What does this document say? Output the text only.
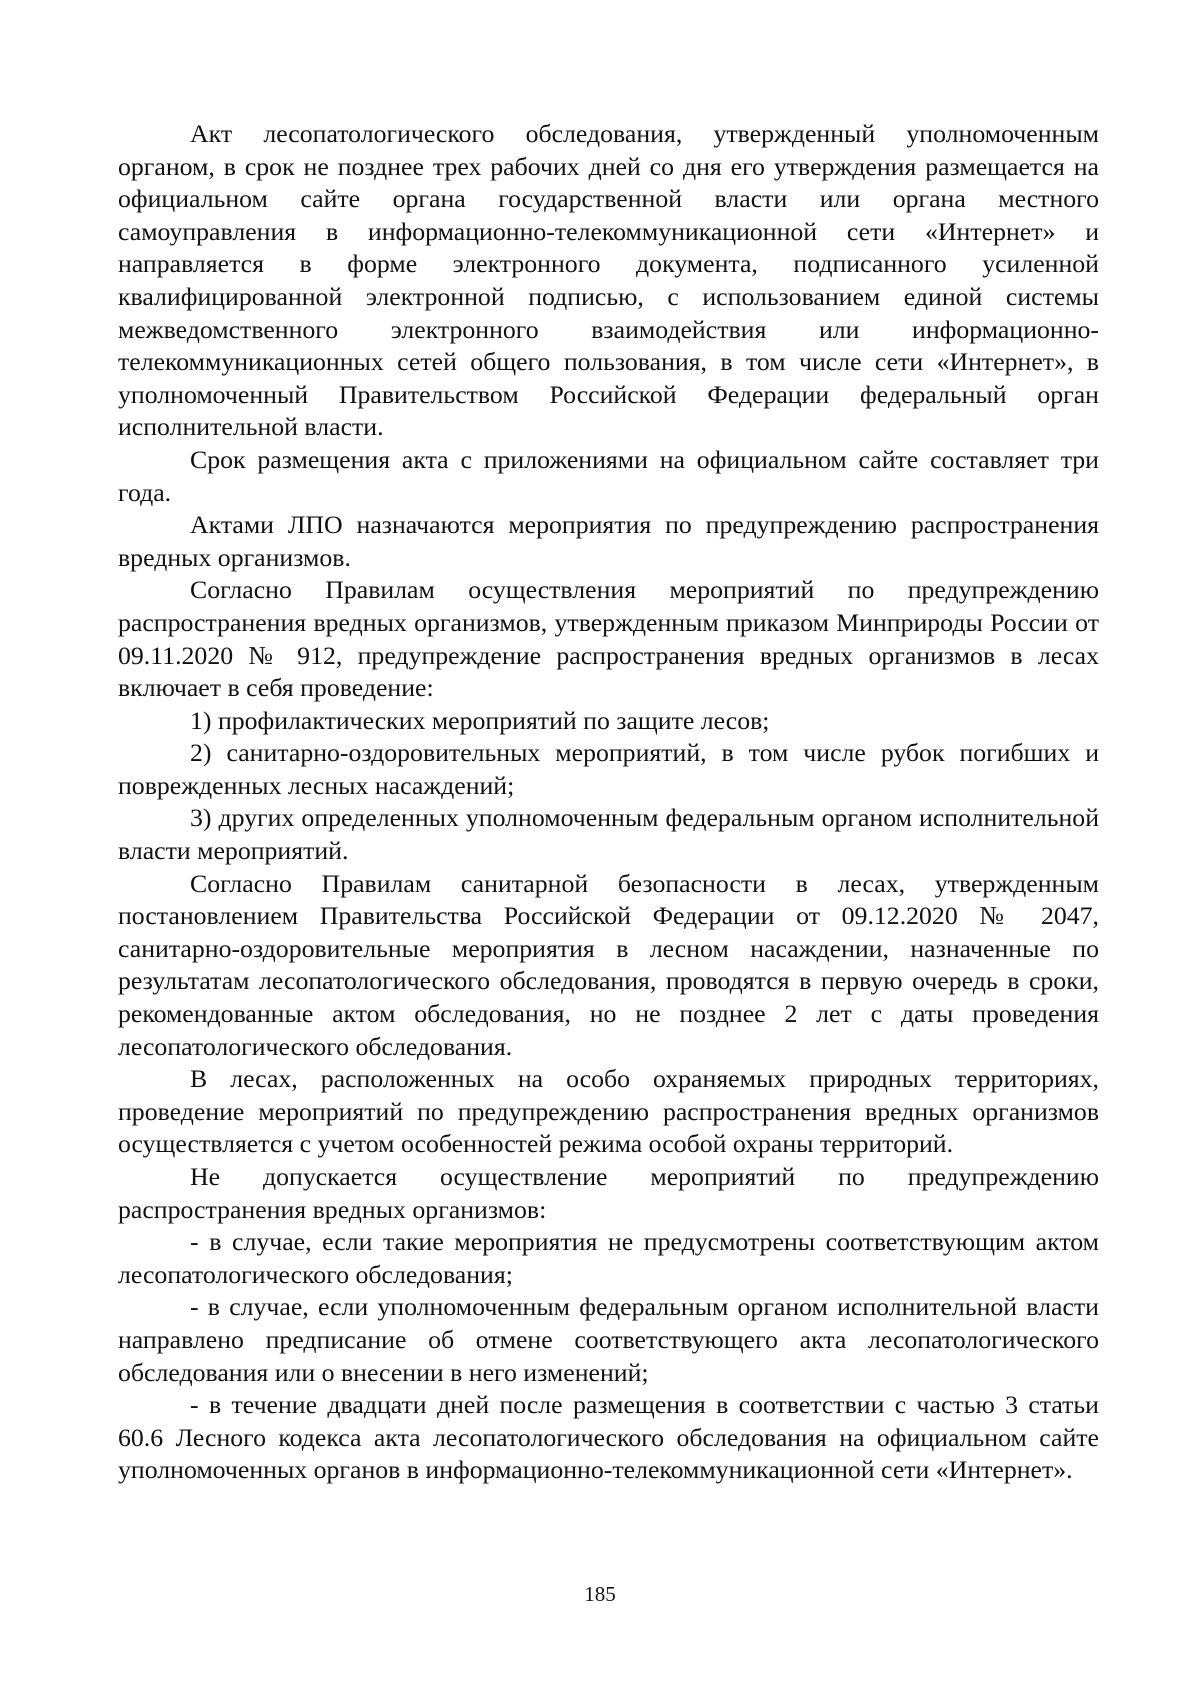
Акт лесопатологического обследования, утвержденный уполномоченным органом, в срок не позднее трех рабочих дней со дня его утверждения размещается на официальном сайте органа государственной власти или органа местного самоуправления в информационно-телекоммуникационной сети «Интернет» и направляется в форме электронного документа, подписанного усиленной квалифицированной электронной подписью, с использованием единой системы межведомственного электронного взаимодействия или информационно-телекоммуникационных сетей общего пользования, в том числе сети «Интернет», в уполномоченный Правительством Российской Федерации федеральный орган исполнительной власти.

Срок размещения акта с приложениями на официальном сайте составляет три года.

Актами ЛПО назначаются мероприятия по предупреждению распространения вредных организмов.

Согласно Правилам осуществления мероприятий по предупреждению распространения вредных организмов, утвержденным приказом Минприроды России от 09.11.2020 № 912, предупреждение распространения вредных организмов в лесах включает в себя проведение:

1) профилактических мероприятий по защите лесов;

2) санитарно-оздоровительных мероприятий, в том числе рубок погибших и поврежденных лесных насаждений;

3) других определенных уполномоченным федеральным органом исполнительной власти мероприятий.

Согласно Правилам санитарной безопасности в лесах, утвержденным постановлением Правительства Российской Федерации от 09.12.2020 № 2047, санитарно-оздоровительные мероприятия в лесном насаждении, назначенные по результатам лесопатологического обследования, проводятся в первую очередь в сроки, рекомендованные актом обследования, но не позднее 2 лет с даты проведения лесопатологического обследования.

В лесах, расположенных на особо охраняемых природных территориях, проведение мероприятий по предупреждению распространения вредных организмов осуществляется с учетом особенностей режима особой охраны территорий.

Не допускается осуществление мероприятий по предупреждению распространения вредных организмов:

- в случае, если такие мероприятия не предусмотрены соответствующим актом лесопатологического обследования;

- в случае, если уполномоченным федеральным органом исполнительной власти направлено предписание об отмене соответствующего акта лесопатологического обследования или о внесении в него изменений;

- в течение двадцати дней после размещения в соответствии с частью 3 статьи 60.6 Лесного кодекса акта лесопатологического обследования на официальном сайте уполномоченных органов в информационно-телекоммуникационной сети «Интернет».

185
